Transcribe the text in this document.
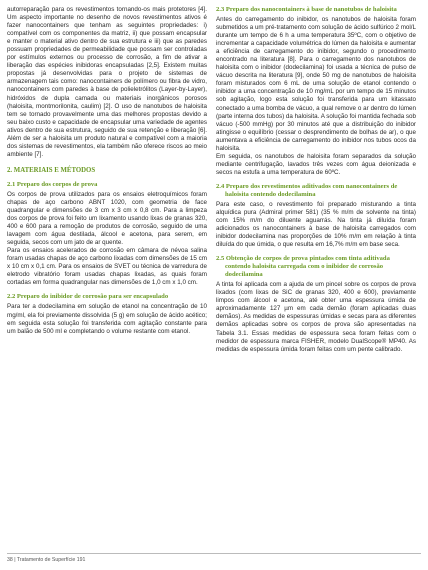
autorreparação para os revestimentos tornando-os mais protetores [4]. Um aspecto importante no desenho de novos revestimentos ativos é fazer nanocontainers que tenham as seguintes propriedades: i) compatível com os componentes da matriz, ii) que possam encapsular e manter o material ativo dentro de sua estrutura e iii) que as paredes possuam propriedades de permeabilidade que possam ser controladas por estímulos externos ou processo de corrosão, a fim de ativar a liberação das espécies inibidoras encapsuladas [2,5]. Existem muitas propostas já desenvolvidas para o projeto de sistemas de armazenagem tais como: nanocontainers de polímero ou fibra de vidro, nanocontainers com paredes à base de polieletrólitos (Layer-by-Layer), hidróxidos de dupla camada ou materiais inorgânicos porosos (haloisita, montmorilonita, caulim) [2]. O uso de nanotubos de haloisita tem se tornado provavelmente uma das melhores propostas devido a seu baixo custo e capacidade de encapsular uma variedade de agentes ativos dentro de sua estrutura, seguido de sua retenção e liberação [6]. Além de ser a haloisita um produto natural e compatível com a maioria dos sistemas de revestimentos, ela também não oferece riscos ao meio ambiente [7].

2. MATERIAIS E MÉTODOS
2.1 Preparo dos corpos de prova

Os corpos de prova utilizados para os ensaios eletroquímicos foram chapas de aço carbono ABNT 1020, com geometria de face quadrangular e dimensões de 3 cm x 3 cm x 0,8 cm. Para a limpeza dos corpos de prova foi feito um lixamento usando lixas de granas 320, 400 e 600 para a remoção de produtos de corrosão, seguido de uma lavagem com água destilada, álcool e acetona, para serem, em seguida, secos com um jato de ar quente.

Para os ensaios acelerados de corrosão em câmara de névoa salina foram usadas chapas de aço carbono lixadas com dimensões de 15 cm x 10 cm x 0,1 cm. Para os ensaios de SVET ou técnica de varredura de eletrodo vibratório foram usadas chapas lixadas, as quais foram cortadas em forma quadrangular nas dimensões de 1,0 cm x 1,0 cm.

2.2 Preparo do inibidor de corrosão para ser encapsulado

Para ter a dodecilamina em solução de etanol na concentração de 10 mg/ml, ela foi previamente dissolvida (5 g) em solução de ácido acético; em seguida esta solução foi transferida com agitação constante para um balão de 500 ml e completando o volume restante com etanol.

2.3 Preparo dos nanocontainers à base de nanotubos de haloisita

Antes do carregamento do inibidor, os nanotubos de haloisita foram submetidos a um pré-tratamento com solução de ácido sulfúrico 2 mol/L durante um tempo de 6 h a uma temperatura 35ºC, com o objetivo de incrementar a capacidade volumétrica do lúmen da haloisita e aumentar a eficiência de carregamento do inibidor, segundo o procedimento encontrado na literatura [8]. Para o carregamento dos nanotubos de haloisita com o inibidor (dodecilamina) foi usada a técnica de pulso de vácuo descrita na literatura [9], onde 50 mg de nanotubos de haloisita foram misturados com 6 mL de uma solução de etanol contendo o inibidor a uma concentração de 10 mg/mL por um tempo de 15 minutos sob agitação, logo esta solução foi transferida para um kitassato conectado a uma bomba de vácuo, a qual remove o ar dentro do lúmen (parte interna dos tubos) da haloisita. A solução foi mantida fechada sob vácuo (-500 mmHg) por 30 minutos até que a distribuição do inibidor atingisse o equilíbrio (cessar o desprendimento de bolhas de ar), o que aumentava a eficiência de carregamento do inibidor nos tubos ocos da haloisita.

Em seguida, os nanotubos de haloisita foram separados da solução mediante centrifugação, lavados três vezes com água deionizada e secos na estufa a uma temperatura de 60ºC.

2.4 Preparo dos revestimentos aditivados com nanocontainers de haloisita contendo dodecilamina

Para este caso, o revestimento foi preparado misturando a tinta alquídica pura (Admiral primer 581) (35 % m/m de solvente na tinta) com 15% m/m do diluente aguarrás. Na tinta já diluída foram adicionados os nanocontainers à base de haloisita carregados com inibidor dodecilamina nas proporções de 10% m/m em relação à tinta diluída do que úmida, o que resulta em 16,7% m/m em base seca.

2.5 Obtenção de corpos de prova pintados com tinta aditivada contendo haloisita carregada com o inibidor de corrosão dodecilamina

A tinta foi aplicada com a ajuda de um pincel sobre os corpos de prova lixados (com lixas de SiC de granas 320, 400 e 600), previamente limpos com álcool e acetona, até obter uma espessura úmida de aproximadamente 127 µm em cada demão (foram aplicadas duas demãos). As medidas de espessuras úmidas e secas para as diferentes demãos aplicadas sobre os corpos de prova são apresentadas na Tabela 3.1. Essas medidas de espessura seca foram feitas com o medidor de espessura marca FISHER, modelo DualScope® MP40. As medidas de espessura úmida foram feitas com um pente calibrado.

38 | Tratamento de Superfície 191
